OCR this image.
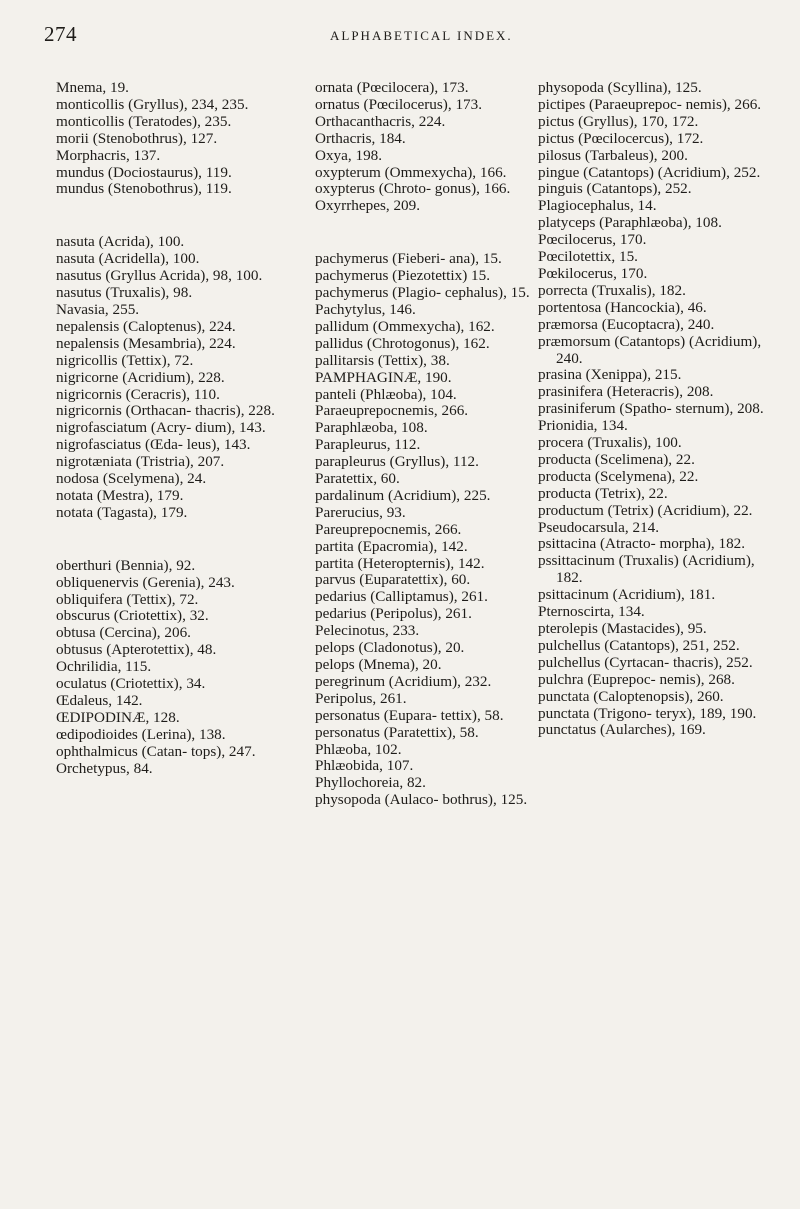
274	ALPHABETICAL INDEX.
Mnema, 19.
monticollis (Gryllus), 234, 235.
monticollis (Teratodes), 235.
morii (Stenobothrus), 127.
Morphacris, 137.
mundus (Dociostaurus), 119.
mundus (Stenobothrus), 119.
nasuta (Acrida), 100.
nasuta (Acridella), 100.
nasutus (Gryllus Acrida), 98, 100.
nasutus (Truxalis), 98.
Navasia, 255.
nepalensis (Caloptenus), 224.
nepalensis (Mesambria), 224.
nigricollis (Tettix), 72.
nigricorne (Acridium), 228.
nigricornis (Ceracris), 110.
nigricornis (Orthacan- thacris), 228.
nigrofasciatum (Acry- dium), 143.
nigrofasciatus (Œda- leus), 143.
nigrotæniata (Tristria), 207.
nodosa (Scelymena), 24.
notata (Mestra), 179.
notata (Tagasta), 179.
oberthuri (Bennia), 92.
obliquenervis (Gerenia), 243.
obliquifera (Tettix), 72.
obscurus (Criotettix), 32.
obtusa (Cercina), 206.
obtusus (Apterotettix), 48.
Ochrilidia, 115.
oculatus (Criotettix), 34.
Œdaleus, 142.
ŒDIPODINÆ, 128.
œdipodioides (Lerina), 138.
ophthalmicus (Catan- tops), 247.
Orchetypus, 84.
ornata (Pœcilocera), 173.
ornatus (Pœcilocerus), 173.
Orthacanthacris, 224.
Orthacris, 184.
Oxya, 198.
oxypterum (Ommexycha), 166.
oxypterus (Chroto- gonus), 166.
Oxyrrhepes, 209.
pachymerus (Fieberi- ana), 15.
pachymerus (Piezotettix) 15.
pachymerus (Plagio- cephalus), 15.
Pachytylus, 146.
pallidum (Ommexycha), 162.
pallidus (Chrotogonus), 162.
pallitarsis (Tettix), 38.
PAMPHAGINÆ, 190.
panteli (Phlæoba), 104.
Paraeuprepocnemis, 266.
Paraphlæoba, 108.
Parapleurus, 112.
parapleurus (Gryllus), 112.
Paratettix, 60.
pardalinum (Acridium), 225.
Parerucius, 93.
Pareuprepocnemis, 266.
partita (Epacromia), 142.
partita (Heteropternis), 142.
parvus (Euparatettix), 60.
pedarius (Calliptamus), 261.
pedarius (Peripolus), 261.
Pelecinotus, 233.
pelops (Cladonotus), 20.
pelops (Mnema), 20.
peregrinum (Acridium), 232.
Peripolus, 261.
personatus (Eupara- tettix), 58.
personatus (Paratettix), 58.
Phlæoba, 102.
Phlæobida, 107.
Phyllochoreia, 82.
physopoda (Aulaco- bothrus), 125.
physopoda (Scyllina), 125.
pictipes (Paraeuprepoc- nemis), 266.
pictus (Gryllus), 170, 172.
pictus (Pœcilocercus), 172.
pilosus (Tarbaleus), 200.
pingue (Catantops) (Acridium), 252.
pinguis (Catantops), 252.
Plagiocephalus, 14.
platyceps (Paraphlæoba), 108.
Pœcilocerus, 170.
Pœcilotettix, 15.
Pœkilocerus, 170.
porrecta (Truxalis), 182.
portentosa (Hancockia), 46.
præmorsa (Eucoptacra), 240.
præmorsum (Catantops) (Acridium), 240.
prasina (Xenippa), 215.
prasinifera (Heteracris), 208.
prasiniferum (Spatho- sternum), 208.
Prionidia, 134.
procera (Truxalis), 100.
producta (Scelimena), 22.
producta (Scelymena), 22.
producta (Tetrix), 22.
productum (Tetrix) (Acridium), 22.
Pseudocarsula, 214.
psittacina (Atracto- morpha), 182.
pssittacinum (Truxalis) (Acridium), 182.
psittacinum (Acridium), 181.
Pternoscirta, 134.
pterolepis (Mastacides), 95.
pulchellus (Catantops), 251, 252.
pulchellus (Cyrtacan- thacris), 252.
pulchra (Euprepoc- nemis), 268.
punctata (Caloptenopsis), 260.
punctata (Trigono- teryx), 189, 190.
punctatus (Aularches), 169.
